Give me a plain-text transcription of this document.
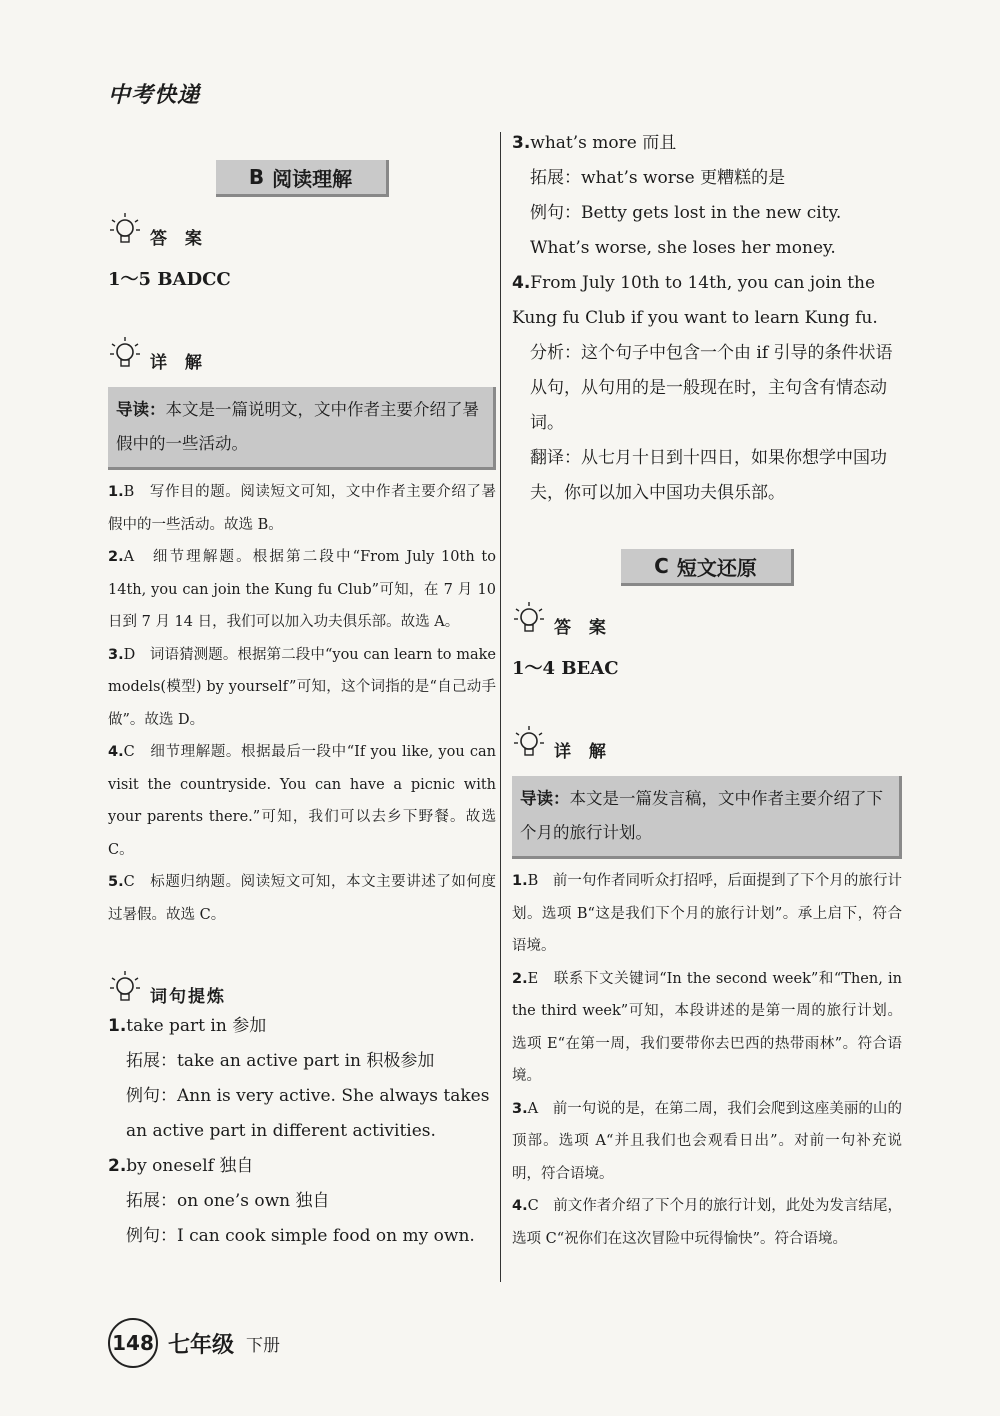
中考快递
B 阅读理解
答 案
1～5 BADCC
详 解
导读：本文是一篇说明文，文中作者主要介绍了暑假中的一些活动。
1.B　写作目的题。阅读短文可知，文中作者主要介绍了暑假中的一些活动。故选 B。
2.A　细节理解题。根据第二段中“From July 10th to 14th, you can join the Kung fu Club”可知，在 7 月 10 日到 7 月 14 日，我们可以加入功夫俱乐部。故选 A。
3.D　词语猜测题。根据第二段中“you can learn to make models(模型) by yourself”可知，这个词指的是“自己动手做”。故选 D。
4.C　细节理解题。根据最后一段中“If you like, you can visit the countryside. You can have a picnic with your parents there.”可知，我们可以去乡下野餐。故选 C。
5.C　标题归纳题。阅读短文可知，本文主要讲述了如何度过暑假。故选 C。
词句提炼
1.take part in 参加
拓展：take an active part in 积极参加
例句：Ann is very active. She always takes an active part in different activities.
2.by oneself 独自
拓展：on one’s own 独自
例句：I can cook simple food on my own.
3.what’s more 而且
拓展：what’s worse 更糟糕的是
例句：Betty gets lost in the new city. What’s worse, she loses her money.
4.From July 10th to 14th, you can join the Kung fu Club if you want to learn Kung fu.
分析：这个句子中包含一个由 if 引导的条件状语从句，从句用的是一般现在时，主句含有情态动词。
翻译：从七月十日到十四日，如果你想学中国功夫，你可以加入中国功夫俱乐部。
C 短文还原
答 案
1～4 BEAC
详 解
导读：本文是一篇发言稿，文中作者主要介绍了下个月的旅行计划。
1.B　前一句作者同听众打招呼，后面提到了下个月的旅行计划。选项 B“这是我们下个月的旅行计划”。承上启下，符合语境。
2.E　联系下文关键词“In the second week”和“Then, in the third week”可知，本段讲述的是第一周的旅行计划。选项 E“在第一周，我们要带你去巴西的热带雨林”。符合语境。
3.A　前一句说的是，在第二周，我们会爬到这座美丽的山的顶部。选项 A“并且我们也会观看日出”。对前一句补充说明，符合语境。
4.C　前文作者介绍了下个月的旅行计划，此处为发言结尾，选项 C“祝你们在这次冒险中玩得愉快”。符合语境。
148 七年级 下册
